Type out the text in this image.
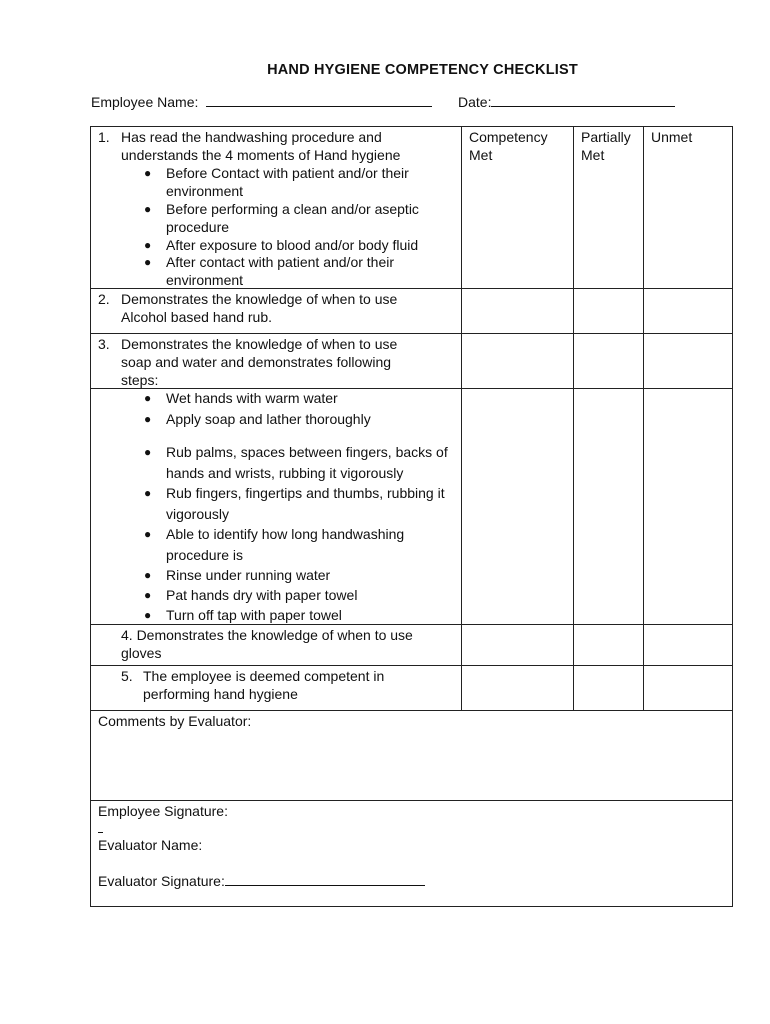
HAND HYGIENE COMPETENCY CHECKLIST
Employee Name:	Date:
Competency Met
Partially Met
Unmet
1. Has read the handwashing procedure and understands the 4 moments of Hand hygiene
● Before Contact with patient and/or their environment
● Before performing a clean and/or aseptic procedure
● After exposure to blood and/or body fluid
● After contact with patient and/or their environment
2. Demonstrates the knowledge of when to use Alcohol based hand rub.
3. Demonstrates the knowledge of when to use soap and water and demonstrates following steps:
● Wet hands with warm water
● Apply soap and lather thoroughly
● Rub palms, spaces between fingers, backs of hands and wrists, rubbing it vigorously
● Rub fingers, fingertips and thumbs, rubbing it vigorously
● Able to identify how long handwashing procedure is
● Rinse under running water
● Pat hands dry with paper towel
● Turn off tap with paper towel
4. Demonstrates the knowledge of when to use gloves
5. The employee is deemed competent in performing hand hygiene
Comments by Evaluator:
Employee Signature:
Evaluator Name:
Evaluator Signature:
